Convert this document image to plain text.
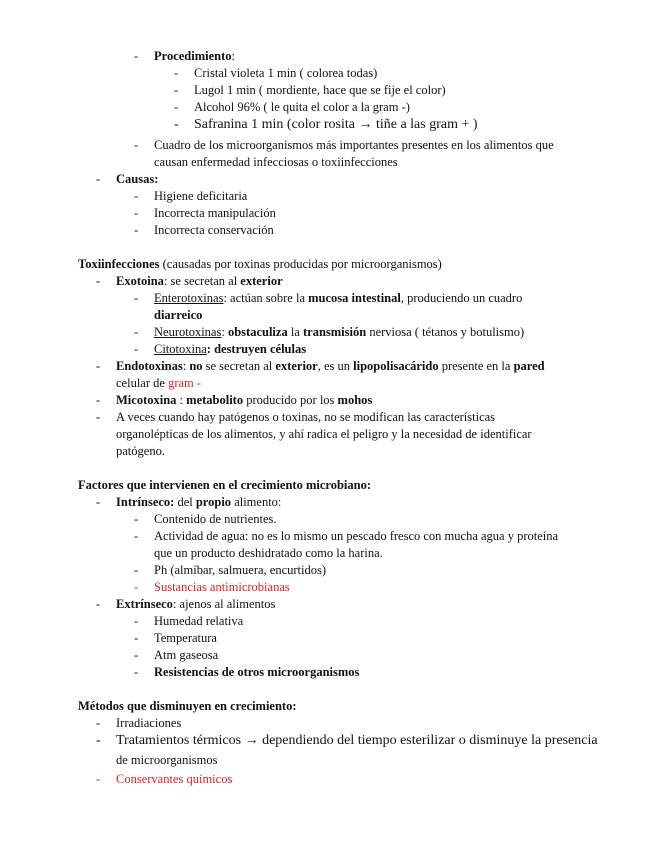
-	Procedimiento:
-	Cristal violeta 1 min ( colorea todas)
-	Lugol 1 min ( mordiente, hace que se fije el color)
-	Alcohol 96% ( le quita el color a la gram -)
-	Safranina 1 min (color rosita → tiñe a las gram + )
-	Cuadro de los microorganismos más importantes presentes en los alimentos que
causan enfermedad infecciosas o toxiinfecciones
-	Causas:
-	Higiene deficitaria
-	Incorrecta manipulación
-	Incorrecta conservación
Toxiinfecciones (causadas por toxinas producidas por microorganismos)
-	Exotoina: se secretan al exterior
-	Enterotoxinas: actúan sobre la mucosa intestinal, produciendo un cuadro
diarreico
-	Neurotoxinas: obstaculiza la transmisión nerviosa ( tétanos y botulismo)
-	Citotoxina: destruyen células
-	Endotoxinas: no se secretan al exterior, es un lipopolisacárido presente en la pared
celular de gram -
-	Micotoxina : metabolito producido por los mohos
-	A veces cuando hay patógenos o toxinas, no se modifican las características
organolépticas de los alimentos, y ahí radica el peligro y la necesidad de identificar
patógeno.
Factores que intervienen en el crecimiento microbiano:
-	Intrínseco: del propio alimento:
-	Contenido de nutrientes.
-	Actividad de agua: no es lo mismo un pescado fresco con mucha agua y proteína
que un producto deshidratado como la harina.
-	Ph (almíbar, salmuera, encurtidos)
-	Sustancias antimicrobianas
-	Extrínseco: ajenos al alimentos
-	Humedad relativa
-	Temperatura
-	Atm gaseosa
-	Resistencias de otros microorganismos
Métodos que disminuyen en crecimiento:
-	Irradiaciones
-	Tratamientos térmicos → dependiendo del tiempo esterilizar o disminuye la presencia
de microorganismos
-	Conservantes químicos
